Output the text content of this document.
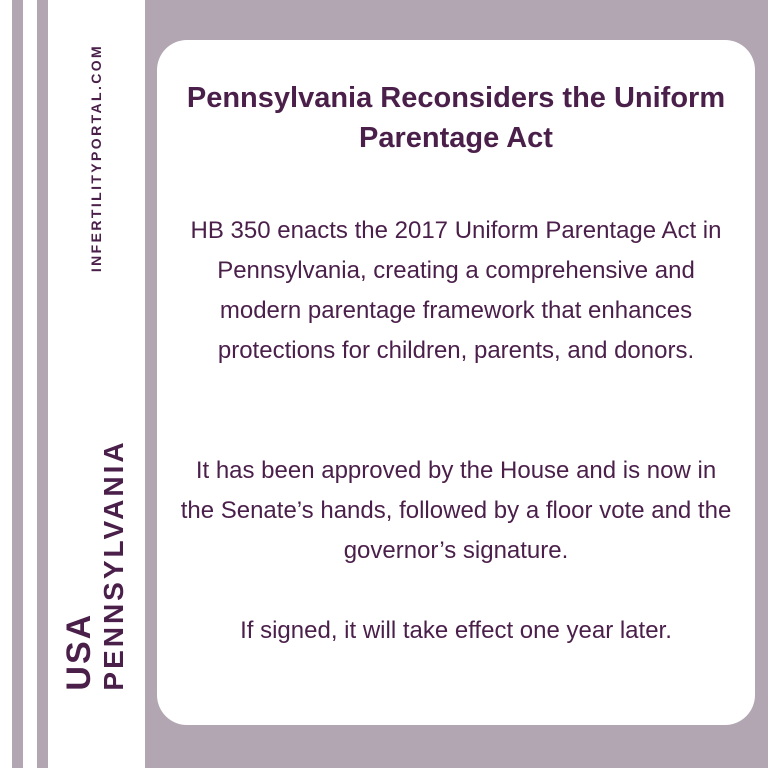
INFERTILITYPORTAL.COM
USA PENNSYLVANIA
Pennsylvania Reconsiders the Uniform Parentage Act

HB 350 enacts the 2017 Uniform Parentage Act in Pennsylvania, creating a comprehensive and modern parentage framework that enhances protections for children, parents, and donors.

It has been approved by the House and is now in the Senate’s hands, followed by a floor vote and the governor’s signature.

If signed, it will take effect one year later.
